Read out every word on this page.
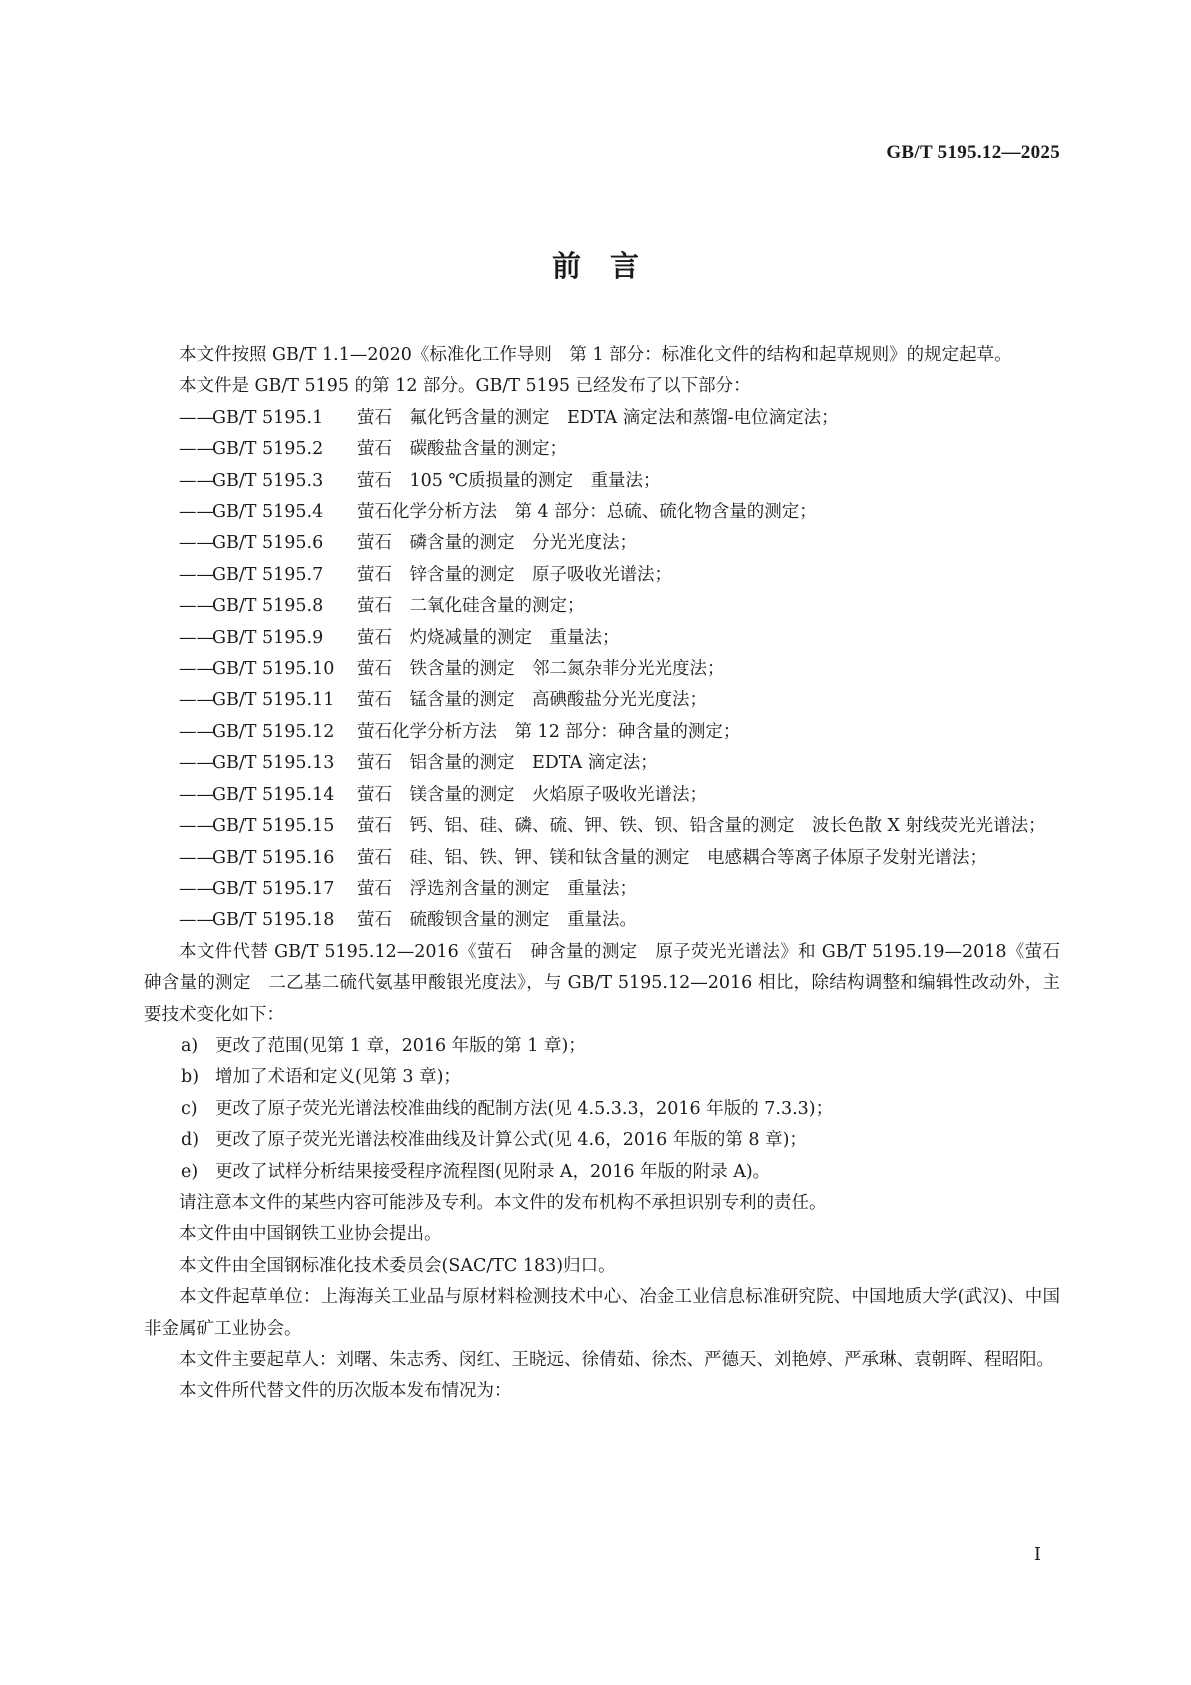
GB/T 5195.12—2025
前　言

本文件按照 GB/T 1.1—2020《标准化工作导则　第 1 部分：标准化文件的结构和起草规则》的规定起草。

本文件是 GB/T 5195 的第 12 部分。GB/T 5195 已经发布了以下部分：

——
GB/T 5195.1 萤石　氟化钙含量的测定　EDTA 滴定法和蒸馏-电位滴定法；
——
GB/T 5195.2 萤石　碳酸盐含量的测定；
——
GB/T 5195.3 萤石　105 ℃质损量的测定　重量法；
——
GB/T 5195.4 萤石化学分析方法　第 4 部分：总硫、硫化物含量的测定；
——
GB/T 5195.6 萤石　磷含量的测定　分光光度法；
——
GB/T 5195.7 萤石　锌含量的测定　原子吸收光谱法；
——
GB/T 5195.8 萤石　二氧化硅含量的测定；
——
GB/T 5195.9 萤石　灼烧减量的测定　重量法；
——
GB/T 5195.10 萤石　铁含量的测定　邻二氮杂菲分光光度法；
——
GB/T 5195.11 萤石　锰含量的测定　高碘酸盐分光光度法；
——
GB/T 5195.12 萤石化学分析方法　第 12 部分：砷含量的测定；
——
GB/T 5195.13 萤石　铝含量的测定　EDTA 滴定法；
——
GB/T 5195.14 萤石　镁含量的测定　火焰原子吸收光谱法；
——
GB/T 5195.15 萤石　钙、铝、硅、磷、硫、钾、铁、钡、铅含量的测定　波长色散 X 射线荧光光谱法；
——
GB/T 5195.16 萤石　硅、铝、铁、钾、镁和钛含量的测定　电感耦合等离子体原子发射光谱法；
——
GB/T 5195.17 萤石　浮选剂含量的测定　重量法；
——
GB/T 5195.18 萤石　硫酸钡含量的测定　重量法。

本文件代替 GB/T 5195.12—2016《萤石　砷含量的测定　原子荧光光谱法》和 GB/T 5195.19—2018《萤石　砷含量的测定　二乙基二硫代氨基甲酸银光度法》，与 GB/T 5195.12—2016 相比，除结构调整和编辑性改动外，主要技术变化如下：

a) 更改了范围(见第 1 章，2016 年版的第 1 章)；
b) 增加了术语和定义(见第 3 章)；
c) 更改了原子荧光光谱法校准曲线的配制方法(见 4.5.3.3，2016 年版的 7.3.3)；
d) 更改了原子荧光光谱法校准曲线及计算公式(见 4.6，2016 年版的第 8 章)；
e) 更改了试样分析结果接受程序流程图(见附录 A，2016 年版的附录 A)。

请注意本文件的某些内容可能涉及专利。本文件的发布机构不承担识别专利的责任。

本文件由中国钢铁工业协会提出。

本文件由全国钢标准化技术委员会(SAC/TC 183)归口。

本文件起草单位：上海海关工业品与原材料检测技术中心、冶金工业信息标准研究院、中国地质大学(武汉)、中国非金属矿工业协会。

本文件主要起草人：刘曙、朱志秀、闵红、王晓远、徐倩茹、徐杰、严德天、刘艳婷、严承琳、袁朝晖、程昭阳。

本文件所代替文件的历次版本发布情况为：

I
